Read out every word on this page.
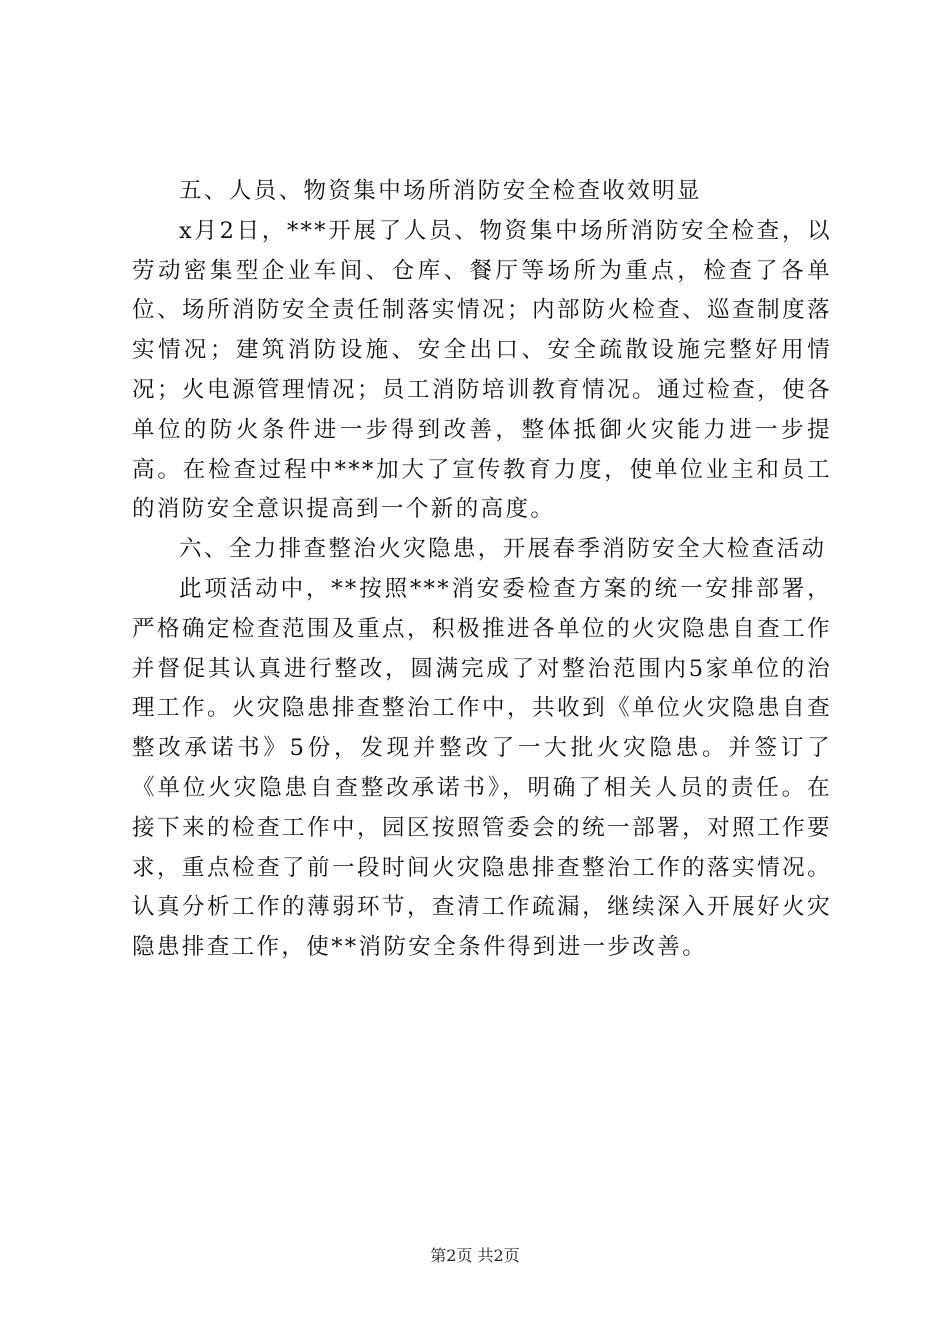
五、人员、物资集中场所消防安全检查收效明显

x月2日，***开展了人员、物资集中场所消防安全检查，以劳动密集型企业车间、仓库、餐厅等场所为重点，检查了各单位、场所消防安全责任制落实情况；内部防火检查、巡查制度落实情况；建筑消防设施、安全出口、安全疏散设施完整好用情况；火电源管理情况；员工消防培训教育情况。通过检查，使各单位的防火条件进一步得到改善，整体抵御火灾能力进一步提高。在检查过程中***加大了宣传教育力度，使单位业主和员工的消防安全意识提高到一个新的高度。

六、全力排查整治火灾隐患，开展春季消防安全大检查活动

此项活动中，**按照***消安委检查方案的统一安排部署，严格确定检查范围及重点，积极推进各单位的火灾隐患自查工作并督促其认真进行整改，圆满完成了对整治范围内5家单位的治理工作。火灾隐患排查整治工作中，共收到《单位火灾隐患自查整改承诺书》5份，发现并整改了一大批火灾隐患。并签订了《单位火灾隐患自查整改承诺书》，明确了相关人员的责任。在接下来的检查工作中，园区按照管委会的统一部署，对照工作要求，重点检查了前一段时间火灾隐患排查整治工作的落实情况。认真分析工作的薄弱环节，查清工作疏漏，继续深入开展好火灾隐患排查工作，使**消防安全条件得到进一步改善。

第2页 共2页
